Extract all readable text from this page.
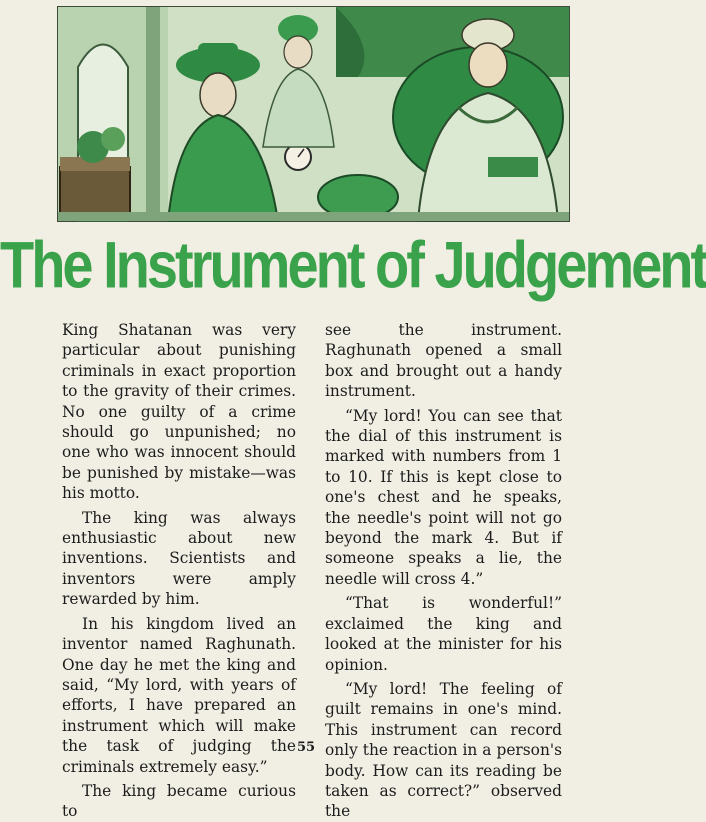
The Instrument of Judgement

King Shatanan was very particular about punishing criminals in exact proportion to the gravity of their crimes. No one guilty of a crime should go unpunished; no one who was innocent should be punished by mistake—was his motto.

The king was always enthusiastic about new inventions. Scientists and inventors were amply rewarded by him.

In his kingdom lived an inventor named Raghunath. One day he met the king and said, “My lord, with years of efforts, I have prepared an instrument which will make the task of judging the criminals extremely easy.”

The king became curious to

see the instrument. Raghunath opened a small box and brought out a handy instrument.

“My lord! You can see that the dial of this instrument is marked with numbers from 1 to 10. If this is kept close to one's chest and he speaks, the needle's point will not go beyond the mark 4. But if someone speaks a lie, the needle will cross 4.”

“That is wonderful!” exclaimed the king and looked at the minister for his opinion.

“My lord! The feeling of guilt remains in one's mind. This instrument can record only the reaction in a person's body. How can its reading be taken as correct?” observed the

55
